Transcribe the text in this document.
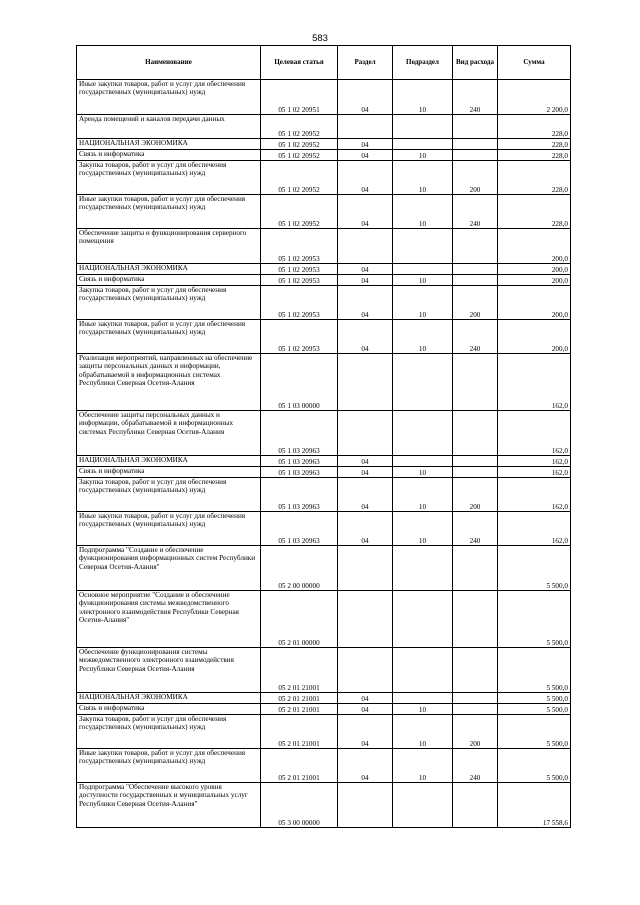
583
Наименование	Целевая статья	Раздел	Подраздел	Вид расхода	Сумма
Иные закупки товаров, работ и услуг для обеспечения государственных (муниципальных) нужд	05 1 02 20951	04	10	240	2 200,0
Аренда помещений и каналов передачи данных	05 1 02 20952				228,0
НАЦИОНАЛЬНАЯ ЭКОНОМИКА	05 1 02 20952	04			228,0
Связь и информатика	05 1 02 20952	04	10		228,0
Закупка товаров, работ и услуг для обеспечения государственных (муниципальных) нужд	05 1 02 20952	04	10	200	228,0
Иные закупки товаров, работ и услуг для обеспечения государственных (муниципальных) нужд	05 1 02 20952	04	10	240	228,0
Обеспечение защиты и функционирования серверного помещения	05 1 02 20953				200,0
НАЦИОНАЛЬНАЯ ЭКОНОМИКА	05 1 02 20953	04			200,0
Связь и информатика	05 1 02 20953	04	10		200,0
Закупка товаров, работ и услуг для обеспечения государственных (муниципальных) нужд	05 1 02 20953	04	10	200	200,0
Иные закупки товаров, работ и услуг для обеспечения государственных (муниципальных) нужд	05 1 02 20953	04	10	240	200,0
Реализация мероприятий, направленных на обеспечение защиты персональных данных и информации, обрабатываемой в информационных системах Республики Северная Осетия-Алания	05 1 03 00000				162,0
Обеспечение защиты персональных данных и информации, обрабатываемой в информационных системах Республики Северная Осетия-Алания	05 1 03 20963				162,0
НАЦИОНАЛЬНАЯ ЭКОНОМИКА	05 1 03 20963	04			162,0
Связь и информатика	05 1 03 20963	04	10		162,0
Закупка товаров, работ и услуг для обеспечения государственных (муниципальных) нужд	05 1 03 20963	04	10	200	162,0
Иные закупки товаров, работ и услуг для обеспечения государственных (муниципальных) нужд	05 1 03 20963	04	10	240	162,0
Подпрограмма "Создание и обеспечение функционирования информационных систем Республики Северная Осетия-Алания"	05 2 00 00000				5 500,0
Основное мероприятие "Создание и обеспечение функционирования системы межведомственного электронного взаимодействия Республики Северная Осетия-Алания"	05 2 01 00000				5 500,0
Обеспечение функционирования системы межведомственного электронного взаимодействия Республики Северная Осетия-Алания	05 2 01 21001				5 500,0
НАЦИОНАЛЬНАЯ ЭКОНОМИКА	05 2 01 21001	04			5 500,0
Связь и информатика	05 2 01 21001	04	10		5 500,0
Закупка товаров, работ и услуг для обеспечения государственных (муниципальных) нужд	05 2 01 21001	04	10	200	5 500,0
Иные закупки товаров, работ и услуг для обеспечения государственных (муниципальных) нужд	05 2 01 21001	04	10	240	5 500,0
Подпрограмма "Обеспечение высокого уровня доступности государственных и муниципальных услуг Республики Северная Осетия-Алания"	05 3 00 00000				17 558,6
